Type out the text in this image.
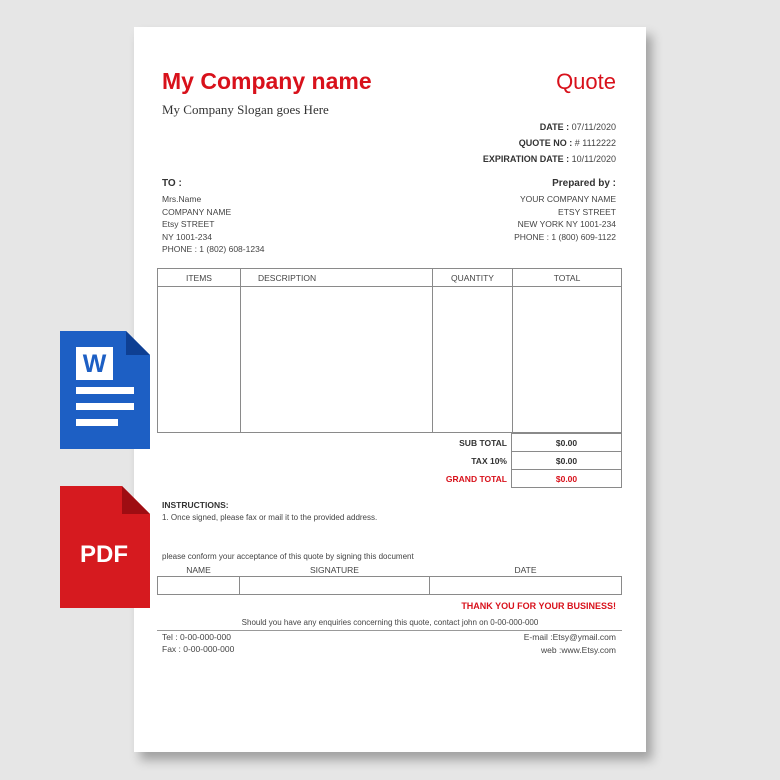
My Company name
My Company Slogan goes Here
Quote
DATE : 07/11/2020
QUOTE NO : # 1112222
EXPIRATION DATE : 10/11/2020
TO :
Mrs.Name
COMPANY NAME
Etsy STREET
NY 1001-234
PHONE : 1 (802) 608-1234
Prepared by :
YOUR COMPANY NAME
ETSY STREET
NEW YORK NY 1001-234
PHONE : 1 (800) 609-1122
ITEMS	DESCRIPTION	QUANTITY	TOTAL

SUB TOTAL	$0.00
TAX 10%	$0.00
GRAND TOTAL	$0.00
INSTRUCTIONS:
1. Once signed, please fax or mail it to the provided address.
please conform your acceptance of this quote by signing this document
NAME	SIGNATURE	DATE

THANK YOU FOR YOUR BUSINESS!
Should you have any enquiries concerning this quote, contact john on 0-00-000-000
Tel : 0-00-000-000
Fax : 0-00-000-000
E-mail :Etsy@ymail.com
web :www.Etsy.com
W
PDF
